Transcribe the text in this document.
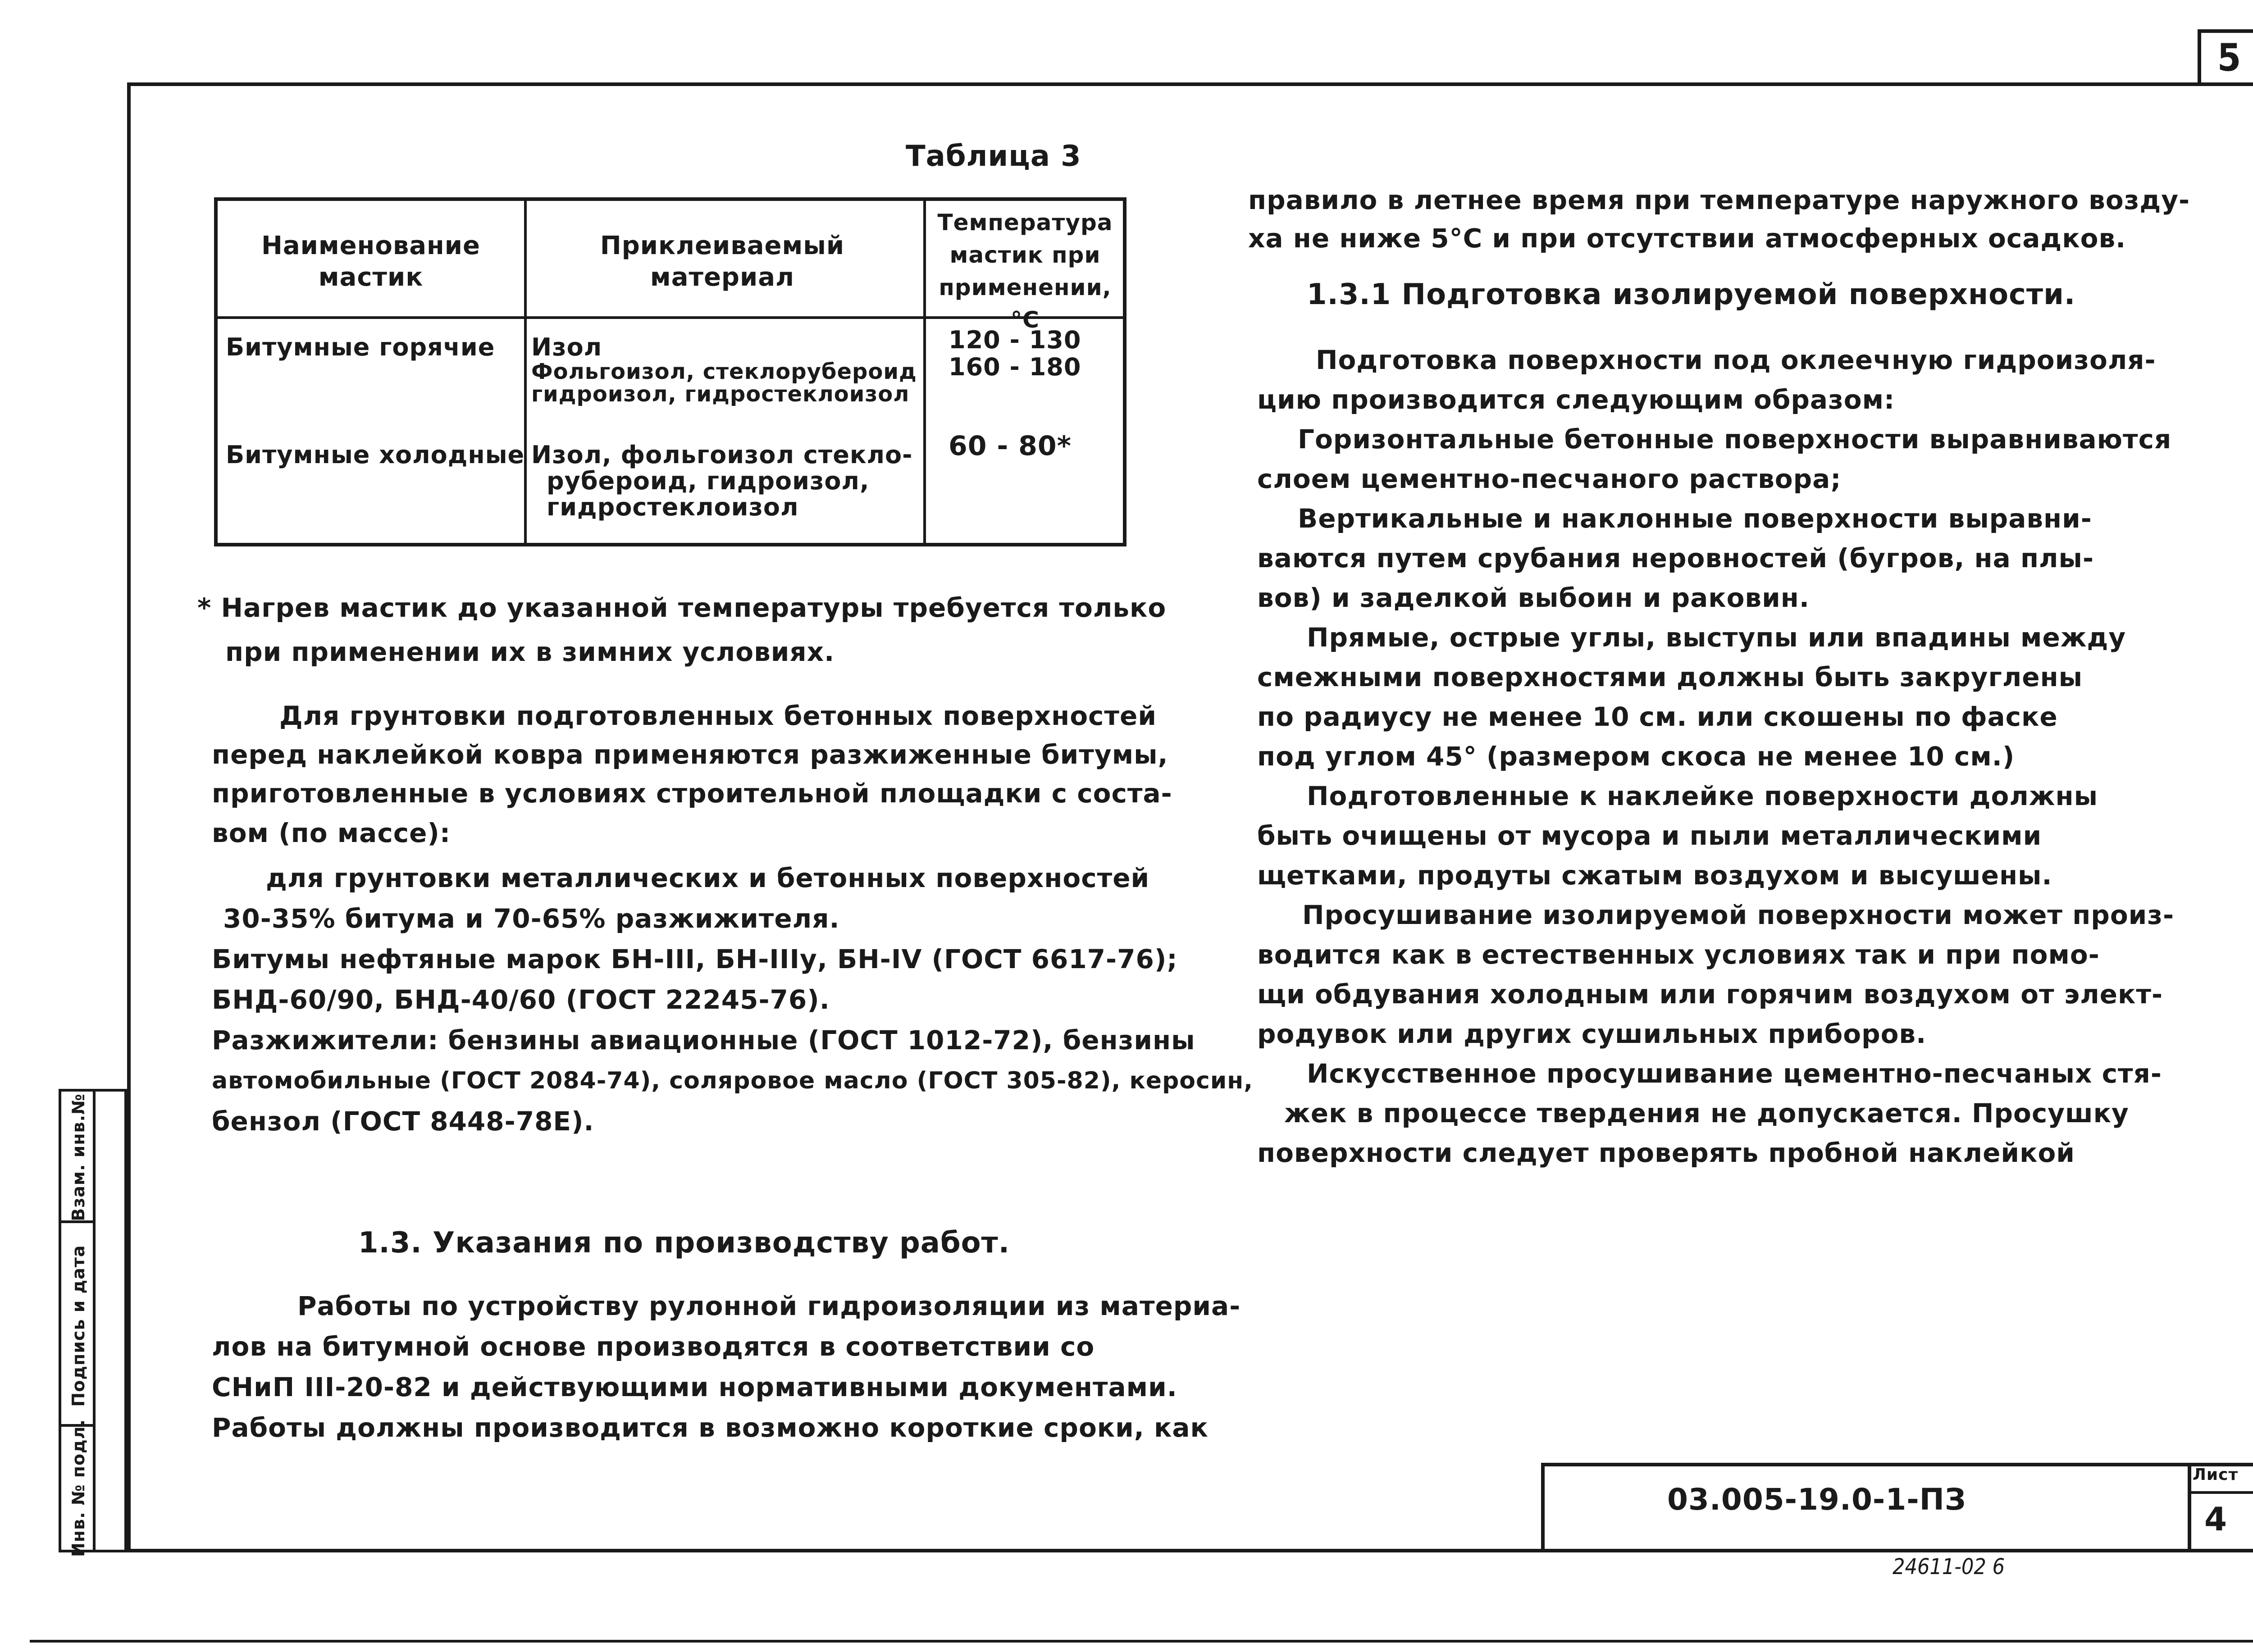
5
Инв. № подл.
Подпись и дата
Взам. инв.№
Таблица 3
Наименование мастик
Приклеиваемый материал
Температура мастик при применении, °С
Битумные горячие Изол
Фольгоизол, стеклорубероид
гидроизол, гидростеклоизол
120 - 130
160 - 180
Битумные холодные Изол, фольгоизол стекло-
рубероид, гидроизол,
гидростеклоизол
60 - 80*
* Нагрев мастик до указанной температуры требуется только
при применении их в зимних условиях.
Для грунтовки подготовленных бетонных поверхностей
перед наклейкой ковра применяются разжиженные битумы,
приготовленные в условиях строительной площадки с соста-
вом (по массе):
для грунтовки металлических и бетонных поверхностей
30-35% битума и 70-65% разжижителя.
Битумы нефтяные марок БН-III, БН-IIIу, БН-IV (ГОСТ 6617-76);
БНД-60/90, БНД-40/60 (ГОСТ 22245-76).
Разжижители: бензины авиационные (ГОСТ 1012-72), бензины
автомобильные (ГОСТ 2084-74), соляровое масло (ГОСТ 305-82), керосин,
бензол (ГОСТ 8448-78Е).
1.3. Указания по производству работ.
Работы по устройству рулонной гидроизоляции из материа-
лов на битумной основе производятся в соответствии со
СНиП III-20-82 и действующими нормативными документами.
Работы должны производится в возможно короткие сроки, как
правило в летнее время при температуре наружного возду-
ха не ниже 5°С и при отсутствии атмосферных осадков.
1.3.1 Подготовка изолируемой поверхности.
Подготовка поверхности под оклеечную гидроизоля-
цию производится следующим образом:
Горизонтальные бетонные поверхности выравниваются
слоем цементно-песчаного раствора;
Вертикальные и наклонные поверхности выравни-
ваются путем срубания неровностей (бугров, на плы-
вов) и заделкой выбоин и раковин.
Прямые, острые углы, выступы или впадины между
смежными поверхностями должны быть закруглены
по радиусу не менее 10 см. или скошены по фаске
под углом 45° (размером скоса не менее 10 см.)
Подготовленные к наклейке поверхности должны
быть очищены от мусора и пыли металлическими
щетками, продуты сжатым воздухом и высушены.
Просушивание изолируемой поверхности может произ-
водится как в естественных условиях так и при помо-
щи обдувания холодным или горячим воздухом от элект-
родувок или других сушильных приборов.
Искусственное просушивание цементно-песчаных стя-
жек в процессе твердения не допускается. Просушку
поверхности следует проверять пробной наклейкой
03.005-19.0-1-ПЗ
Лист
4
24611-02 6
